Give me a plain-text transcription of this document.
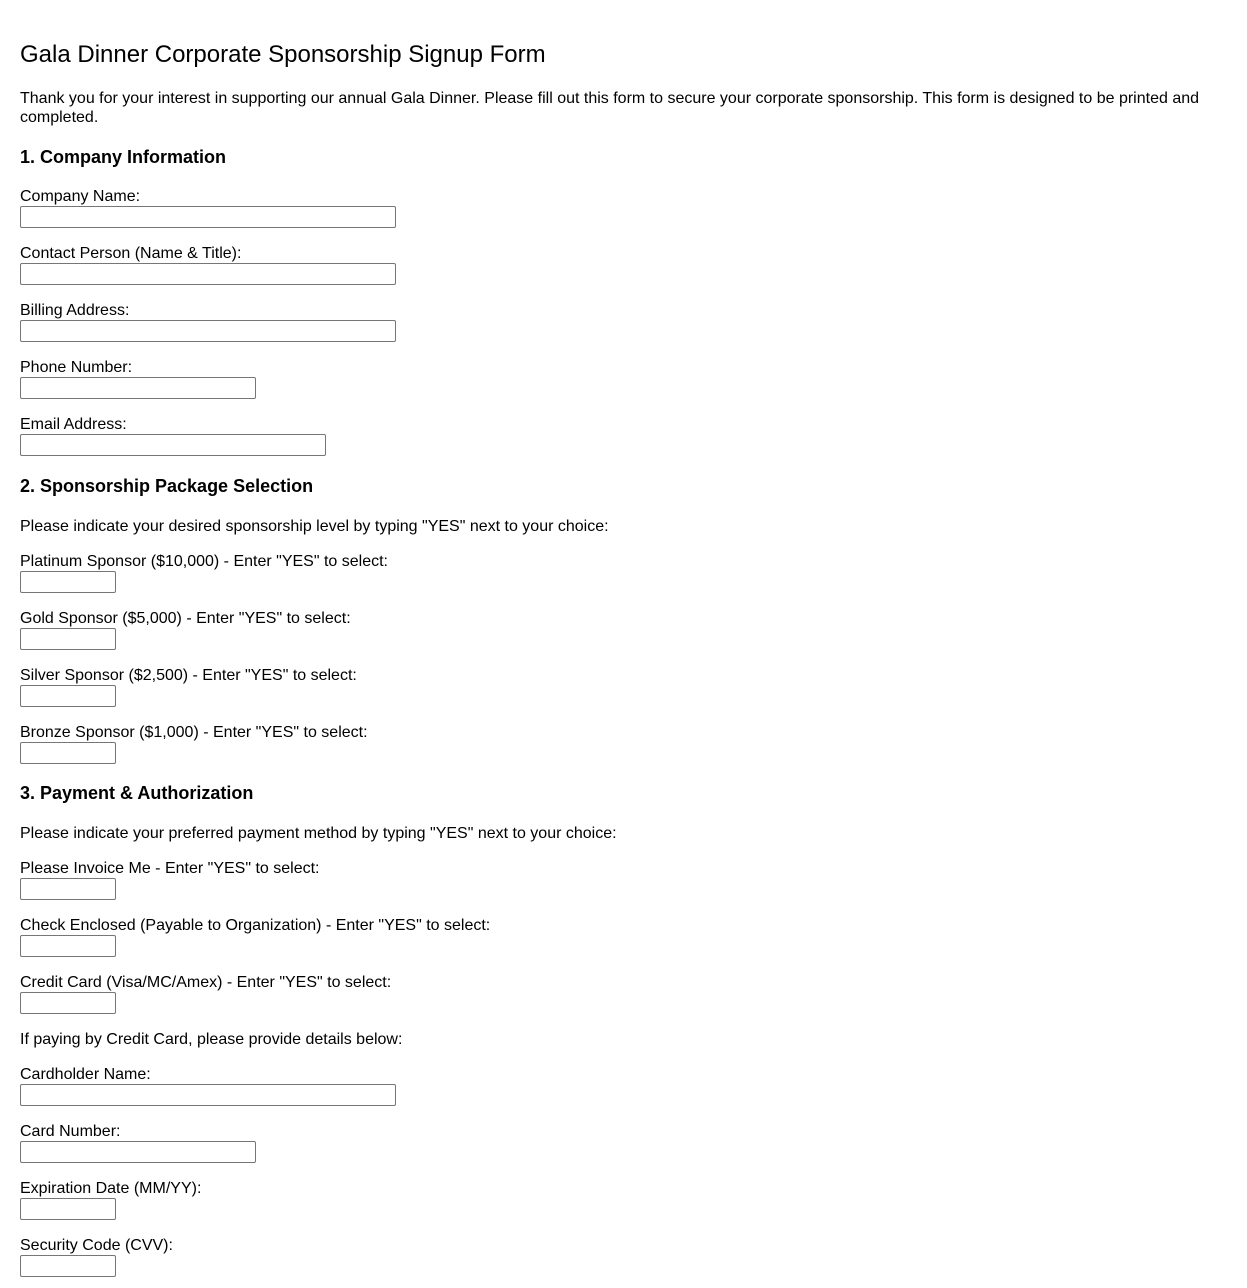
Gala Dinner Corporate Sponsorship Signup Form

Thank you for your interest in supporting our annual Gala Dinner. Please fill out this form to secure your corporate sponsorship. This form is designed to be printed and completed.

1. Company Information
Company Name:
Contact Person (Name & Title):
Billing Address:
Phone Number:
Email Address:
2. Sponsorship Package Selection

Please indicate your desired sponsorship level by typing "YES" next to your choice:

Platinum Sponsor ($10,000) - Enter "YES" to select:
Gold Sponsor ($5,000) - Enter "YES" to select:
Silver Sponsor ($2,500) - Enter "YES" to select:
Bronze Sponsor ($1,000) - Enter "YES" to select:
3. Payment & Authorization

Please indicate your preferred payment method by typing "YES" next to your choice:

Please Invoice Me - Enter "YES" to select:
Check Enclosed (Payable to Organization) - Enter "YES" to select:
Credit Card (Visa/MC/Amex) - Enter "YES" to select:

If paying by Credit Card, please provide details below:

Cardholder Name:
Card Number:
Expiration Date (MM/YY):
Security Code (CVV):
